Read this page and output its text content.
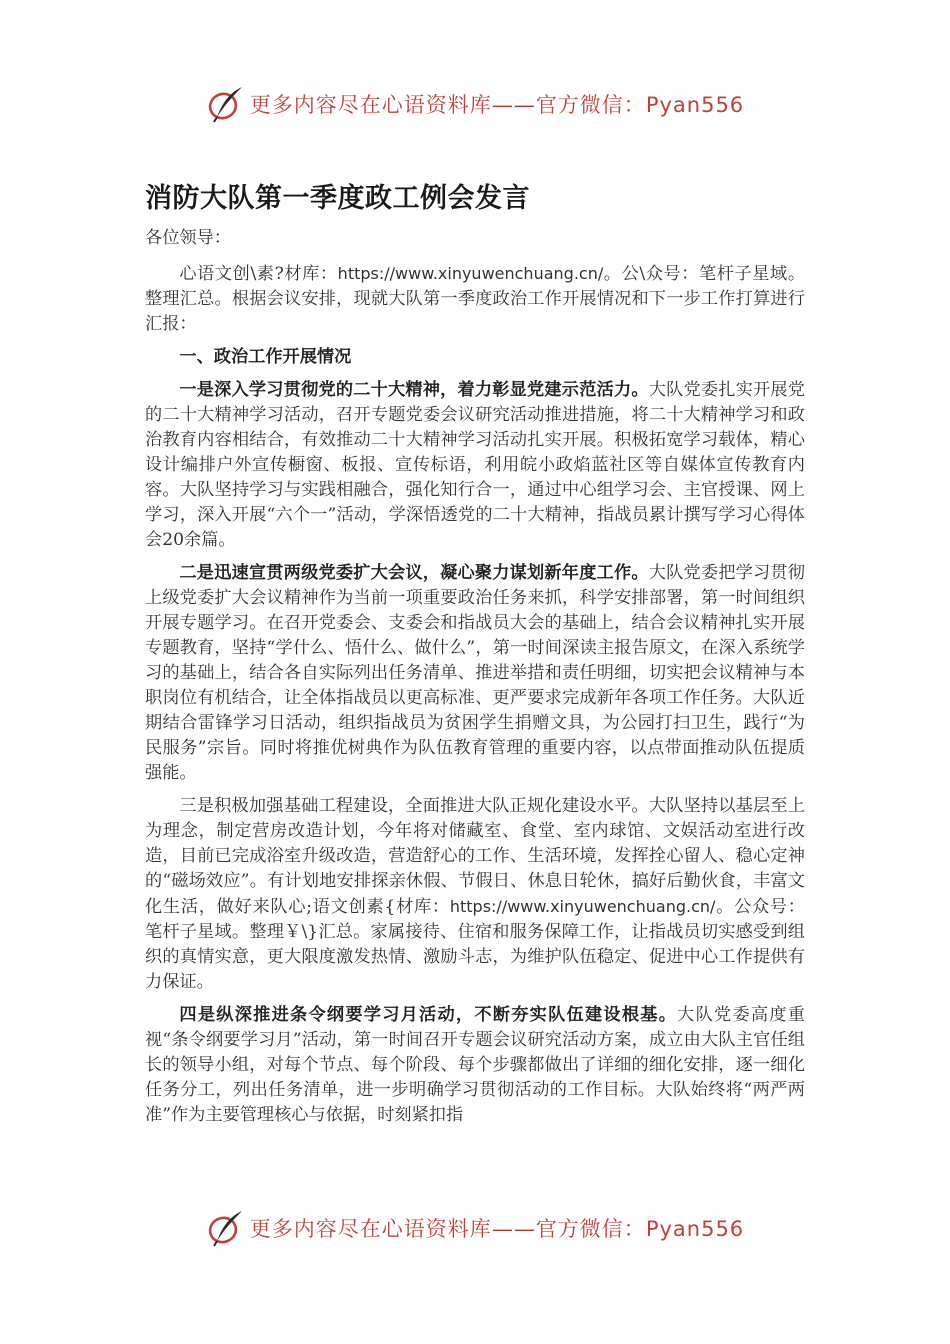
更多内容尽在心语资料库——官方微信：Pyan556
消防大队第一季度政工例会发言

各位领导：

心语文创\素?材库：https://www.xinyuwenchuang.cn/。公\众号：笔杆子星域。整理汇总。根据会议安排，现就大队第一季度政治工作开展情况和下一步工作打算进行汇报：

一、政治工作开展情况

一是深入学习贯彻党的二十大精神，着力彰显党建示范活力。大队党委扎实开展党的二十大精神学习活动，召开专题党委会议研究活动推进措施，将二十大精神学习和政治教育内容相结合，有效推动二十大精神学习活动扎实开展。积极拓宽学习载体，精心设计编排户外宣传橱窗、板报、宣传标语，利用皖小政焰蓝社区等自媒体宣传教育内容。大队坚持学习与实践相融合，强化知行合一，通过中心组学习会、主官授课、网上学习，深入开展“六个一”活动，学深悟透党的二十大精神，指战员累计撰写学习心得体会20余篇。

二是迅速宣贯两级党委扩大会议，凝心聚力谋划新年度工作。大队党委把学习贯彻上级党委扩大会议精神作为当前一项重要政治任务来抓，科学安排部署，第一时间组织开展专题学习。在召开党委会、支委会和指战员大会的基础上，结合会议精神扎实开展专题教育，坚持“学什么、悟什么、做什么”，第一时间深读主报告原文，在深入系统学习的基础上，结合各自实际列出任务清单、推进举措和责任明细，切实把会议精神与本职岗位有机结合，让全体指战员以更高标准、更严要求完成新年各项工作任务。大队近期结合雷锋学习日活动，组织指战员为贫困学生捐赠文具，为公园打扫卫生，践行“为民服务”宗旨。同时将推优树典作为队伍教育管理的重要内容，以点带面推动队伍提质强能。

三是积极加强基础工程建设，全面推进大队正规化建设水平。大队坚持以基层至上为理念，制定营房改造计划，今年将对储藏室、食堂、室内球馆、文娱活动室进行改造，目前已完成浴室升级改造，营造舒心的工作、生活环境，发挥拴心留人、稳心定神的“磁场效应”。有计划地安排探亲休假、节假日、休息日轮休，搞好后勤伙食，丰富文化生活，做好来队心;语文创素{材库：https://www.xinyuwenchuang.cn/。公众号：笔杆子星域。整理￥\}汇总。家属接待、住宿和服务保障工作，让指战员切实感受到组织的真情实意，更大限度激发热情、激励斗志，为维护队伍稳定、促进中心工作提供有力保证。

四是纵深推进条令纲要学习月活动，不断夯实队伍建设根基。大队党委高度重视“条令纲要学习月”活动，第一时间召开专题会议研究活动方案，成立由大队主官任组长的领导小组，对每个节点、每个阶段、每个步骤都做出了详细的细化安排，逐一细化任务分工，列出任务清单，进一步明确学习贯彻活动的工作目标。大队始终将“两严两准”作为主要管理核心与依据，时刻紧扣指

更多内容尽在心语资料库——官方微信：Pyan556
